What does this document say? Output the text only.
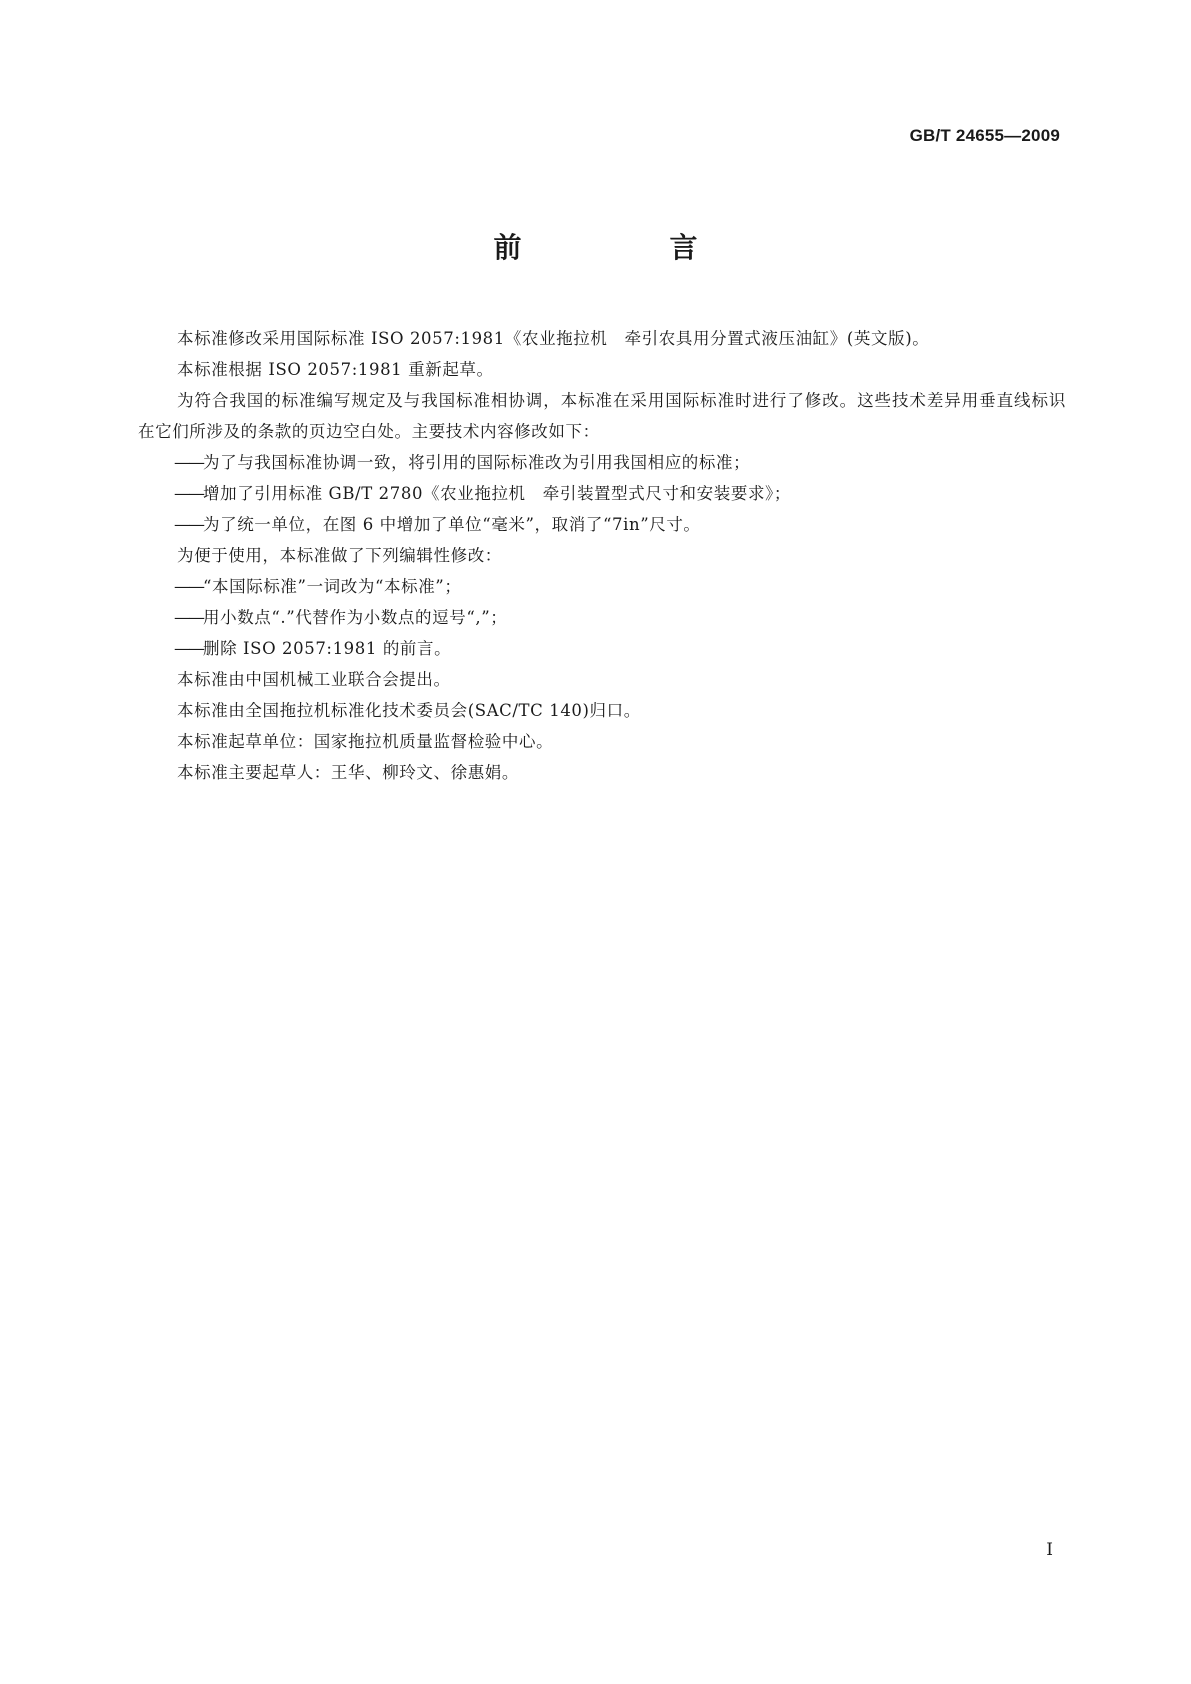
GB/T 24655—2009
前　言

本标准修改采用国际标准 ISO 2057:1981《农业拖拉机　牵引农具用分置式液压油缸》(英文版)。

本标准根据 ISO 2057:1981 重新起草。

为符合我国的标准编写规定及与我国标准相协调，本标准在采用国际标准时进行了修改。这些技术差异用垂直线标识在它们所涉及的条款的页边空白处。主要技术内容修改如下：

——为了与我国标准协调一致，将引用的国际标准改为引用我国相应的标准；

——增加了引用标准 GB/T 2780《农业拖拉机　牵引装置型式尺寸和安装要求》；

——为了统一单位，在图 6 中增加了单位“毫米”，取消了“7in”尺寸。

为便于使用，本标准做了下列编辑性修改：

——“本国际标准”一词改为“本标准”；

——用小数点“.”代替作为小数点的逗号“,”；

——删除 ISO 2057:1981 的前言。

本标准由中国机械工业联合会提出。

本标准由全国拖拉机标准化技术委员会(SAC/TC 140)归口。

本标准起草单位：国家拖拉机质量监督检验中心。

本标准主要起草人：王华、柳玲文、徐惠娟。

I
